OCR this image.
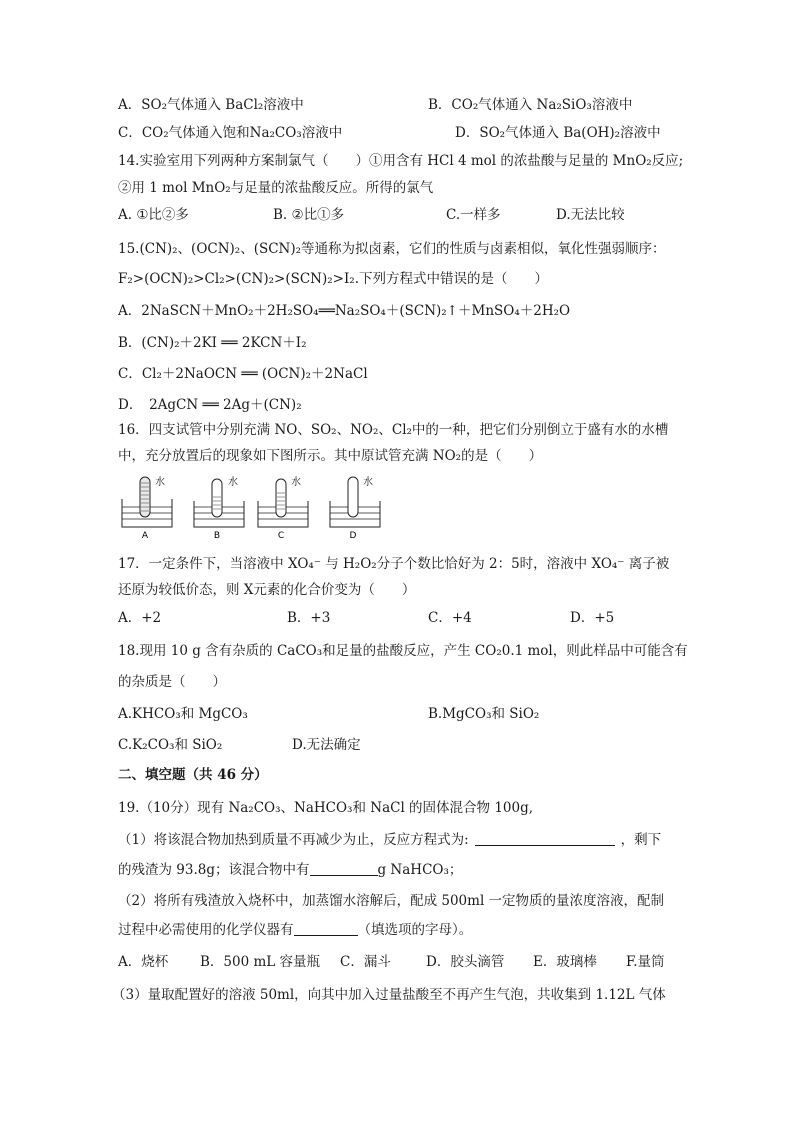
A．SO₂气体通入 BaCl₂溶液中	B．CO₂气体通入 Na₂SiO₃溶液中
C．CO₂气体通入饱和Na₂CO₃溶液中	D．SO₂气体通入 Ba(OH)₂溶液中
14.实验室用下列两种方案制氯气（　　）①用含有 HCl 4 mol 的浓盐酸与足量的 MnO₂反应;
②用 1 mol MnO₂与足量的浓盐酸反应。所得的氯气
A. ①比②多	B. ②比①多	C.一样多	D.无法比较
15.(CN)₂、(OCN)₂、(SCN)₂等通称为拟卤素，它们的性质与卤素相似，氧化性强弱顺序：
F₂>(OCN)₂>Cl₂>(CN)₂>(SCN)₂>I₂.下列方程式中错误的是（　　）
A．2NaSCN＋MnO₂＋2H₂SO₄══Na₂SO₄＋(SCN)₂↑＋MnSO₄＋2H₂O
B．(CN)₂＋2KI ══ 2KCN＋I₂
C．Cl₂＋2NaOCN ══ (OCN)₂＋2NaCl
D．　2AgCN ══ 2Ag＋(CN)₂
16．四支试管中分别充满 NO、SO₂、NO₂、Cl₂中的一种，把它们分别倒立于盛有水的水槽
中，充分放置后的现象如下图所示。其中原试管充满 NO₂的是（　　）
水
A
水
B
水
C
水
D
17．一定条件下，当溶液中 XO₄⁻ 与 H₂O₂分子个数比恰好为 2：5时，溶液中 XO₄⁻ 离子被
还原为较低价态，则 X元素的化合价变为（　　）
A．+2	B．+3	C．+4	D．+5
18.现用 10 g 含有杂质的 CaCO₃和足量的盐酸反应，产生 CO₂0.1 mol，则此样品中可能含有
的杂质是（　　）
A.KHCO₃和 MgCO₃	B.MgCO₃和 SiO₂
C.K₂CO₃和 SiO₂	D.无法确定
二、填空题（共 46 分）
19.（10分）现有 Na₂CO₃、NaHCO₃和 NaCl 的固体混合物 100g,
（1）将该混合物加热到质量不再减少为止，反应方程式为:	，剩下
的残渣为 93.8g；该混合物中有	g NaHCO₃；
（2）将所有残渣放入烧杯中，加蒸馏水溶解后，配成 500ml 一定物质的量浓度溶液，配制
过程中必需使用的化学仪器有	（填选项的字母）。
A．烧杯 B．500 mL 容量瓶 C．漏斗	D．胶头滴管 E．玻璃棒 F.量筒
（3）量取配置好的溶液 50ml，向其中加入过量盐酸至不再产生气泡，共收集到 1.12L 气体
